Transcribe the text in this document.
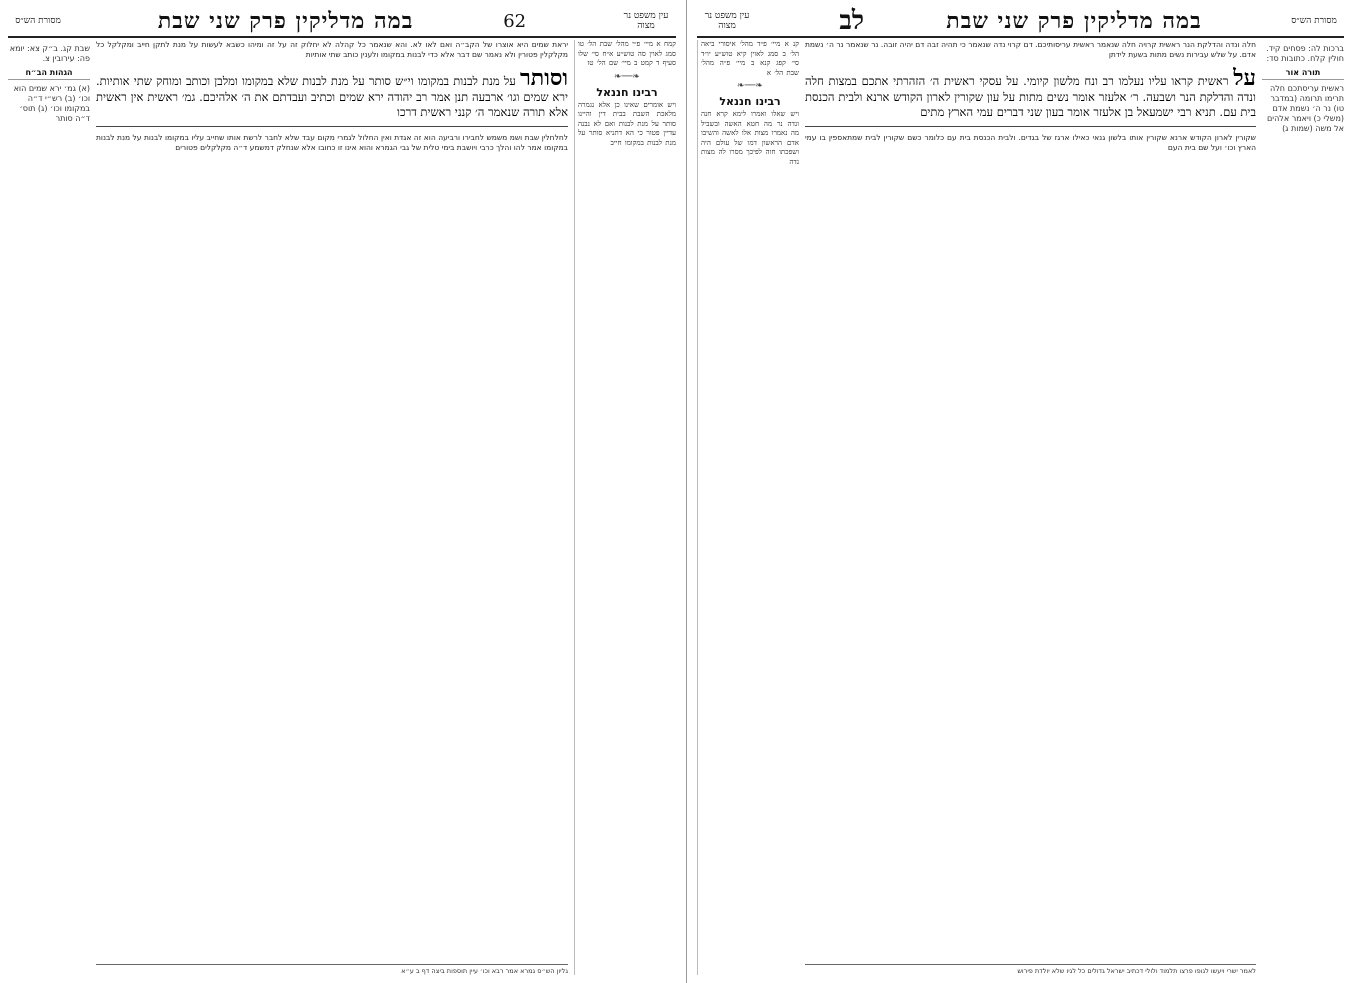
עין משפט נר מצוה
62
במה מדליקין פרק שני שבת
מסורת הש״ס
קמח א מיי׳ פ״י מהל׳ שבת הל׳ טו סמג לאוין סה טוש״ע א״ח סי׳ שלו סעיף ד קמט ב מיי׳ שם הל׳ טז
❧──❧
רבינו חננאל
ויש אומרים שאינו כן אלא נגמרה מלאכת השבת בבית דין והיינו סותר על מנת לבנות ואם לא נבנה עדיין פטור כי הא דתניא סותר על מנת לבנות במקומו חייב
יראת שמים היא אוצרו של הקב״ה ואם לאו לא. והא שנאמר כל קהלה לא יחלוק זה על זה ומיהו כשבא לעשות על מנת לתקן חייב ומקלקל כל מקלקלין פטורין ולא נאמר שם דבר אלא כדי לבנות במקומו ולענין כותב שתי אותיות
וסותר על מנת לבנות במקומו וי״ש סותר על מנת לבנות שלא במקומו ומלבן וכותב ומוחק שתי אותיות. ירא שמים וגו׳ ארבעה תנן אמר רב יהודה ירא שמים וכתיב ועבדתם את ה׳ אלהיכם. גמ׳ ראשית אין ראשית אלא תורה שנאמר ה׳ קנני ראשית דרכו
לחלחלין שבת ושמ משמש לחבירו ורביעה הוא זה אגדת ואין החלול לגמרי מקום עבד שלא לחבר לרשת אותו שחייב עליו במקומו לבנות על מנת לבנות במקומו אמר להו והלך כרבי ויושבת בימי טלית של גבי הגמרא והוא אינו זו כחובו אלא שנחלק דמשמע ד״ה מקלקלים פטורים
גליון הש״ס גמרא אמר רבא וכו׳ עיין תוספות ביצה דף ב ע״א
שבת קג. ב״ק צא: יומא פה: עירובין צ.
הגהות הב״ח
(א) גמ׳ ירא שמים הוא וכו׳ (ב) רש״י ד״ה במקומו וכו׳ (ג) תוס׳ ד״ה סותר
מסורת הש״ס
במה מדליקין פרק שני שבת
לב
עין משפט נר מצוה
ברכות לה: פסחים קיד. חולין קלח. כתובות סד:
תורה אור
ראשית עריסתכם חלה תרימו תרומה (במדבר טו) נר ה׳ נשמת אדם (משלי כ) ויאמר אלהים אל משה (שמות ג)
חלה ונדה והדלקת הנר ראשית קרויה חלה שנאמר ראשית עריסותיכם. דם קרוי נדה שנאמר כי תהיה זבה דם יהיה זובה. נר שנאמר נר ה׳ נשמת אדם. על שלש עבירות נשים מתות בשעת לידתן
על ראשית קראו עליו נעלמו רב ונח מלשון קיומי. על עסקי ראשית ה׳ הזהרתי אתכם במצות חלה ונדה והדלקת הנר ושבעה. ר׳ אלעזר אומר נשים מתות על עון שקורין לארון הקודש ארנא ולבית הכנסת בית עם. תניא רבי ישמעאל בן אלעזר אומר בעון שני דברים עמי הארץ מתים
שקורין לארון הקודש ארנא שקורין אותו בלשון גנאי כאילו ארגז של בגדים. ולבית הכנסת בית עם כלומר כשם שקורין לבית שמתאספין בו עמי הארץ וכו׳ ועל שם בית העם
לאמר ישרי ויעשו לגופו פרצו תלמוד ולולי דכתיב ישראל גדולים כל לגיו שלא יולדת פירוש
קנ א מיי׳ פ״ד מהל׳ איסורי ביאה הל׳ ב סמג לאוין קיא טוש״ע יו״ד סי׳ קפג קנא ב מיי׳ פ״ה מהל׳ שבת הל׳ א
❧──❧
רבינו חננאל
ויש שאלו ואמרו לימא קרא חנה ונדה נר מה חטא האשה ובשביל מה נאמרו מצות אלו לאשה והשיבו אדם הראשון דמו של עולם היה ושפכתו חוה לפיכך מסרו לה מצות נדה
